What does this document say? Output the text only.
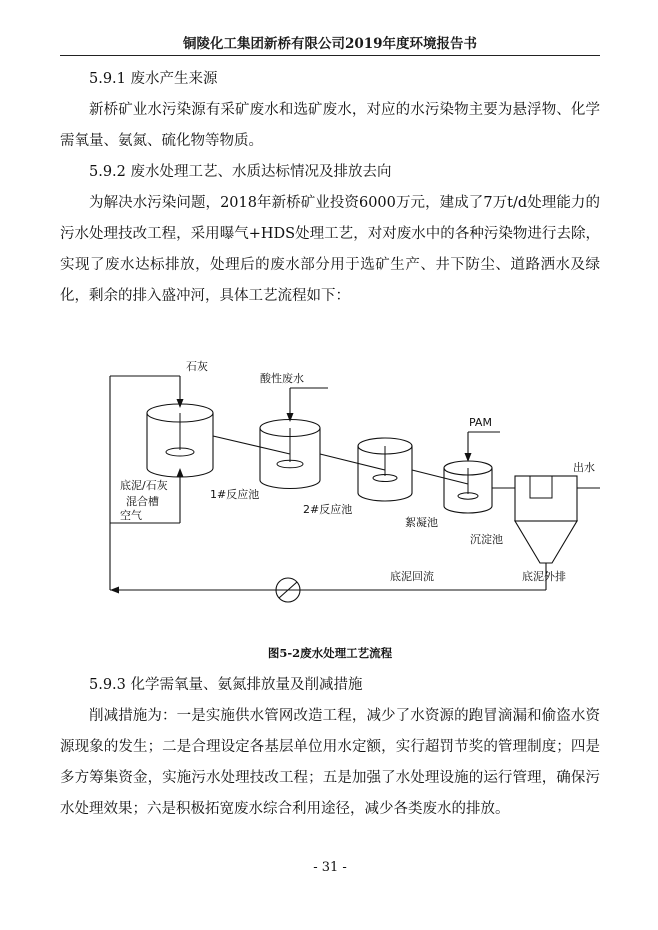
铜陵化工集团新桥有限公司2019年度环境报告书
5.9.1 废水产生来源
新桥矿业水污染源有采矿废水和选矿废水，对应的水污染物主要为悬浮物、化学需氧量、氨氮、硫化物等物质。
5.9.2 废水处理工艺、水质达标情况及排放去向
为解决水污染问题，2018年新桥矿业投资6000万元，建成了7万t/d处理能力的污水处理技改工程，采用曝气+HDS处理工艺，对对废水中的各种污染物进行去除，实现了废水达标排放，处理后的废水部分用于选矿生产、井下防尘、道路洒水及绿化，剩余的排入盛冲河，具体工艺流程如下：
石灰
底泥/石灰
混合槽
空气
酸性废水
1#反应池
2#反应池
PAM
絮凝池
沉淀池
出水
底泥外排
底泥回流
图5-2废水处理工艺流程
5.9.3 化学需氧量、氨氮排放量及削减措施
削减措施为：一是实施供水管网改造工程，减少了水资源的跑冒滴漏和偷盗水资源现象的发生；二是合理设定各基层单位用水定额，实行超罚节奖的管理制度；四是多方筹集资金，实施污水处理技改工程；五是加强了水处理设施的运行管理，确保污水处理效果；六是积极拓宽废水综合利用途径，减少各类废水的排放。
- 31 -
